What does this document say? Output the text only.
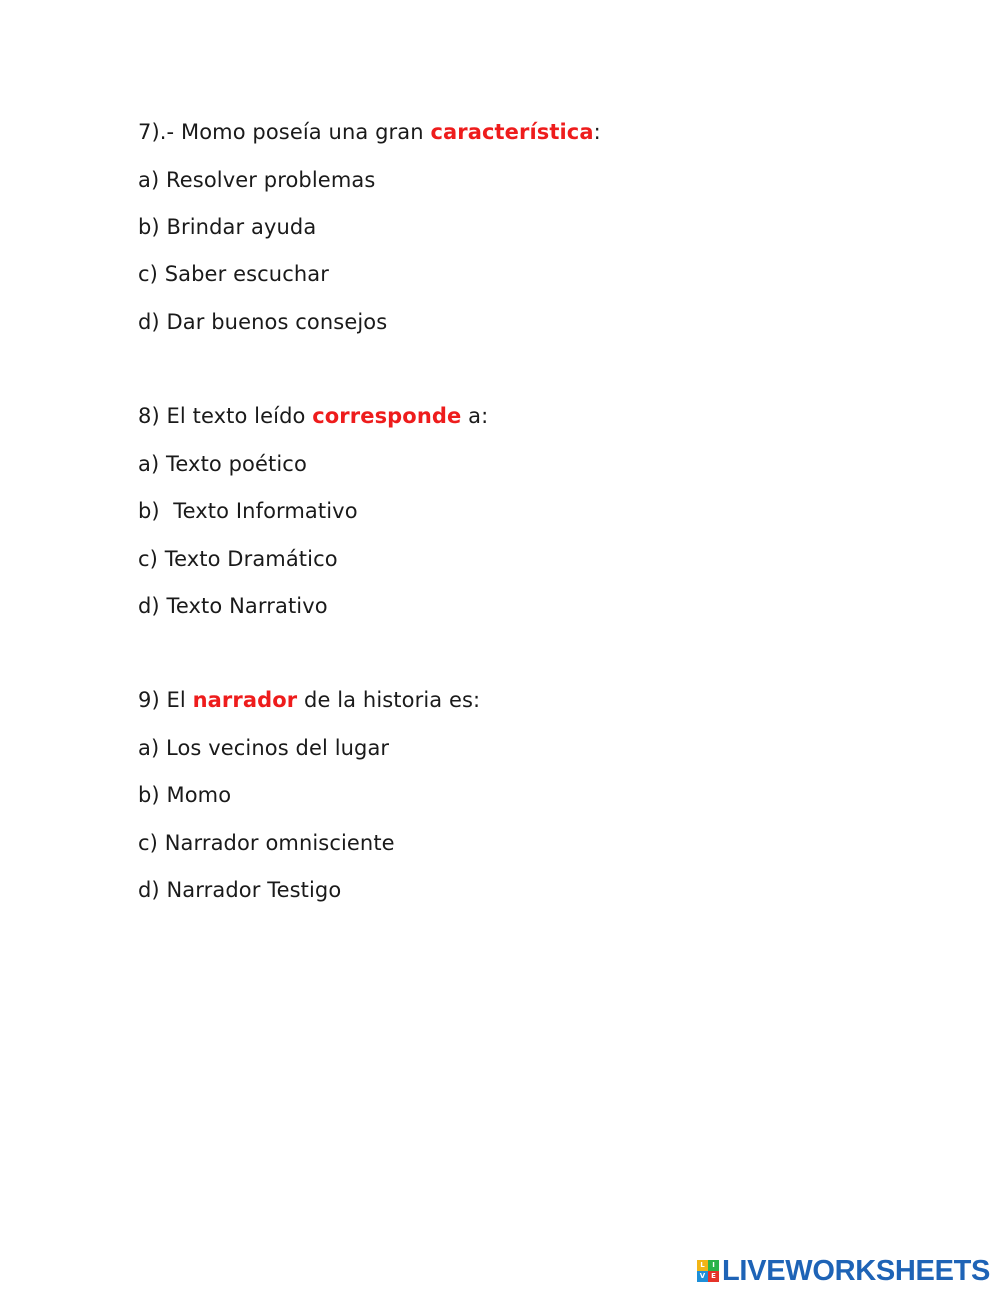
7).- Momo poseía una gran característica:
a) Resolver problemas
b) Brindar ayuda
c) Saber escuchar
d) Dar buenos consejos
8) El texto leído corresponde a:
a) Texto poético
b)  Texto Informativo
c) Texto Dramático
d) Texto Narrativo
9) El narrador de la historia es:
a) Los vecinos del lugar
b) Momo
c) Narrador omnisciente
d) Narrador Testigo
L	I
V E LIVEWORKSHEETS
